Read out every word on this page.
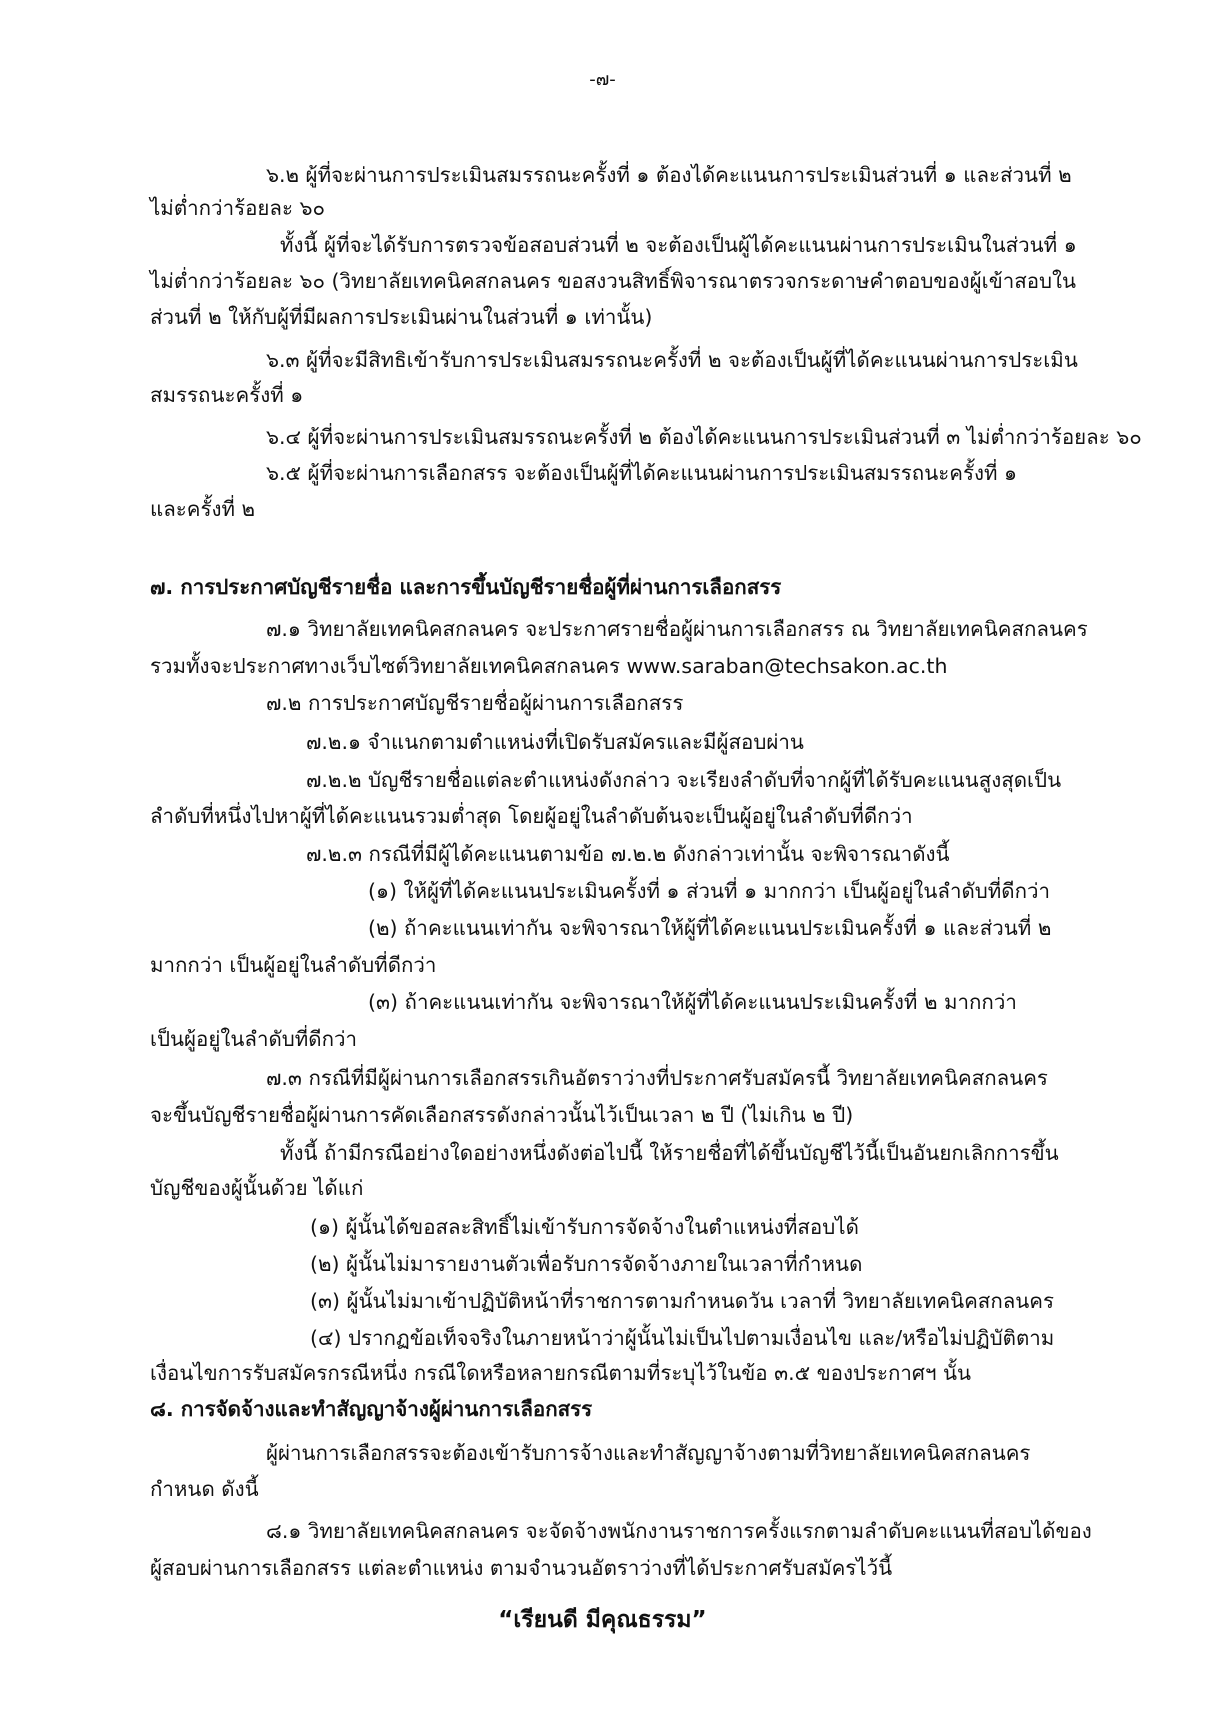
-๗-
๖.๒ ผู้ที่จะผ่านการประเมินสมรรถนะครั้งที่ ๑ ต้องได้คะแนนการประเมินส่วนที่ ๑ และส่วนที่ ๒
ไม่ต่ำกว่าร้อยละ ๖๐
ทั้งนี้ ผู้ที่จะได้รับการตรวจข้อสอบส่วนที่ ๒ จะต้องเป็นผู้ได้คะแนนผ่านการประเมินในส่วนที่ ๑
ไม่ต่ำกว่าร้อยละ ๖๐ (วิทยาลัยเทคนิคสกลนคร ขอสงวนสิทธิ์พิจารณาตรวจกระดาษคำตอบของผู้เข้าสอบใน
ส่วนที่ ๒ ให้กับผู้ที่มีผลการประเมินผ่านในส่วนที่ ๑ เท่านั้น)
๖.๓ ผู้ที่จะมีสิทธิเข้ารับการประเมินสมรรถนะครั้งที่ ๒ จะต้องเป็นผู้ที่ได้คะแนนผ่านการประเมิน
สมรรถนะครั้งที่ ๑
๖.๔ ผู้ที่จะผ่านการประเมินสมรรถนะครั้งที่ ๒ ต้องได้คะแนนการประเมินส่วนที่ ๓ ไม่ต่ำกว่าร้อยละ ๖๐
๖.๕ ผู้ที่จะผ่านการเลือกสรร จะต้องเป็นผู้ที่ได้คะแนนผ่านการประเมินสมรรถนะครั้งที่ ๑
และครั้งที่ ๒
๗. การประกาศบัญชีรายชื่อ และการขึ้นบัญชีรายชื่อผู้ที่ผ่านการเลือกสรร
๗.๑ วิทยาลัยเทคนิคสกลนคร จะประกาศรายชื่อผู้ผ่านการเลือกสรร ณ วิทยาลัยเทคนิคสกลนคร
รวมทั้งจะประกาศทางเว็บไซต์วิทยาลัยเทคนิคสกลนคร www.saraban@techsakon.ac.th
๗.๒ การประกาศบัญชีรายชื่อผู้ผ่านการเลือกสรร
๗.๒.๑ จำแนกตามตำแหน่งที่เปิดรับสมัครและมีผู้สอบผ่าน
๗.๒.๒ บัญชีรายชื่อแต่ละตำแหน่งดังกล่าว จะเรียงลำดับที่จากผู้ที่ได้รับคะแนนสูงสุดเป็น
ลำดับที่หนึ่งไปหาผู้ที่ได้คะแนนรวมต่ำสุด โดยผู้อยู่ในลำดับต้นจะเป็นผู้อยู่ในลำดับที่ดีกว่า
๗.๒.๓ กรณีที่มีผู้ได้คะแนนตามข้อ ๗.๒.๒ ดังกล่าวเท่านั้น จะพิจารณาดังนี้
(๑) ให้ผู้ที่ได้คะแนนประเมินครั้งที่ ๑ ส่วนที่ ๑ มากกว่า เป็นผู้อยู่ในลำดับที่ดีกว่า
(๒) ถ้าคะแนนเท่ากัน จะพิจารณาให้ผู้ที่ได้คะแนนประเมินครั้งที่ ๑ และส่วนที่ ๒
มากกว่า เป็นผู้อยู่ในลำดับที่ดีกว่า
(๓) ถ้าคะแนนเท่ากัน จะพิจารณาให้ผู้ที่ได้คะแนนประเมินครั้งที่ ๒ มากกว่า
เป็นผู้อยู่ในลำดับที่ดีกว่า
๗.๓ กรณีที่มีผู้ผ่านการเลือกสรรเกินอัตราว่างที่ประกาศรับสมัครนี้ วิทยาลัยเทคนิคสกลนคร
จะขึ้นบัญชีรายชื่อผู้ผ่านการคัดเลือกสรรดังกล่าวนั้นไว้เป็นเวลา ๒ ปี (ไม่เกิน ๒ ปี)
ทั้งนี้ ถ้ามีกรณีอย่างใดอย่างหนึ่งดังต่อไปนี้ ให้รายชื่อที่ได้ขึ้นบัญชีไว้นี้เป็นอันยกเลิกการขึ้น
บัญชีของผู้นั้นด้วย ได้แก่
(๑) ผู้นั้นได้ขอสละสิทธิ์ไม่เข้ารับการจัดจ้างในตำแหน่งที่สอบได้
(๒) ผู้นั้นไม่มารายงานตัวเพื่อรับการจัดจ้างภายในเวลาที่กำหนด
(๓) ผู้นั้นไม่มาเข้าปฏิบัติหน้าที่ราชการตามกำหนดวัน เวลาที่ วิทยาลัยเทคนิคสกลนคร
(๔) ปรากฏข้อเท็จจริงในภายหน้าว่าผู้นั้นไม่เป็นไปตามเงื่อนไข และ/หรือไม่ปฏิบัติตาม
เงื่อนไขการรับสมัครกรณีหนึ่ง กรณีใดหรือหลายกรณีตามที่ระบุไว้ในข้อ ๓.๕ ของประกาศฯ นั้น
๘. การจัดจ้างและทำสัญญาจ้างผู้ผ่านการเลือกสรร
ผู้ผ่านการเลือกสรรจะต้องเข้ารับการจ้างและทำสัญญาจ้างตามที่วิทยาลัยเทคนิคสกลนคร
กำหนด ดังนี้
๘.๑ วิทยาลัยเทคนิคสกลนคร จะจัดจ้างพนักงานราชการครั้งแรกตามลำดับคะแนนที่สอบได้ของ
ผู้สอบผ่านการเลือกสรร แต่ละตำแหน่ง ตามจำนวนอัตราว่างที่ได้ประกาศรับสมัครไว้นี้
“เรียนดี มีคุณธรรม”
